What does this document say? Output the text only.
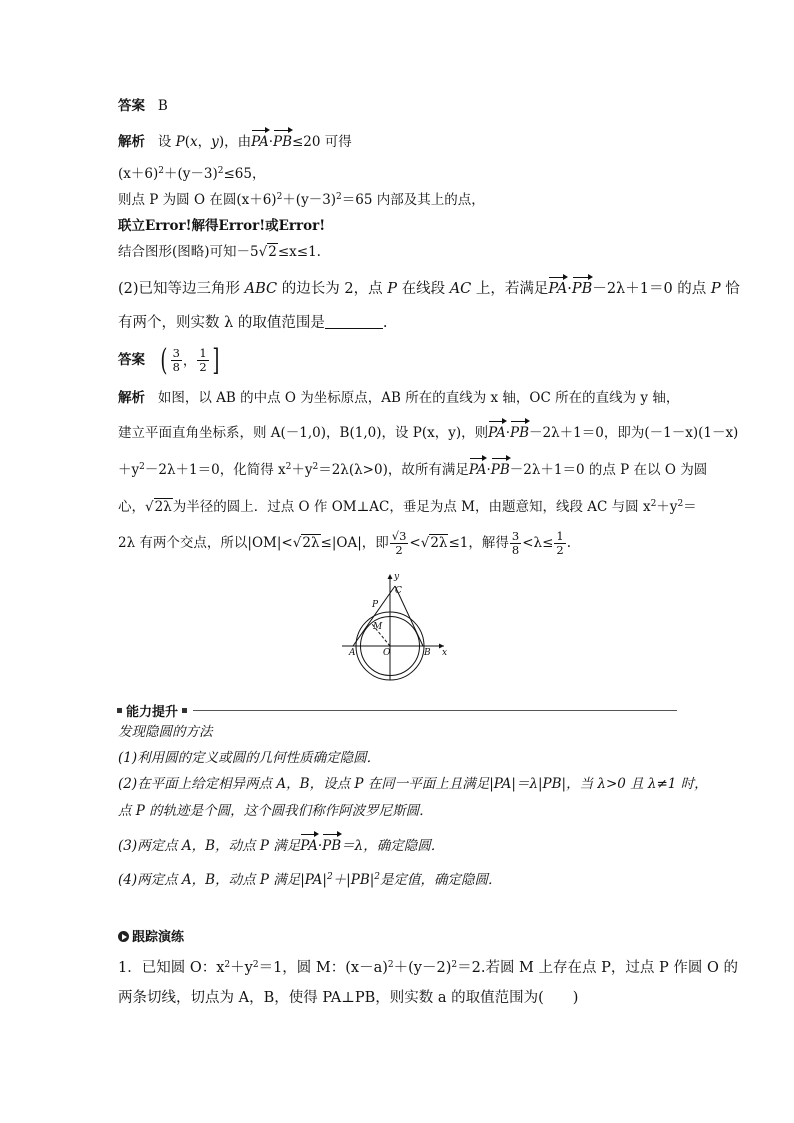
答案 B
解析 设 P(x，y)，由PA·PB≤20 可得
$(x+6)^2+(y-3)^2\le 65$，
则点 P 为圆 O 在圆$(x+6)^2+(y-3)^2=65$ 内部及其上的点，
联立Error!解得Error!或Error!
结合图形(图略)可知－5√2≤x≤1.
(2)已知等边三角形 ABC 的边长为 2，点 P 在线段 AC 上，若满足PA·PB－2λ＋1＝0 的点 P 恰
有两个，则实数 λ 的取值范围是	.
答案 ( $\frac{3}{8}$ ， $\frac{1}{2}$ ]
解析 如图，以 AB 的中点 O 为坐标原点，AB 所在的直线为 x 轴，OC 所在的直线为 y 轴，
建立平面直角坐标系，则 A(－1,0)，B(1,0)，设 P(x，y)，则PA·PB－2λ＋1＝0，即为(－1－x)(1－x)
$+y^2-2\lambda+1=0$，化简得 $x^2+y^2=2\lambda(\lambda>0)$，故所有满足PA·PB－2λ＋1＝0 的点 P 在以 O 为圆
心，√2λ为半径的圆上．过点 O 作 OM⊥AC，垂足为点 M，由题意知，线段 AC 与圆 $x^2+y^2=$
2λ 有两个交点，所以|OM|<√2λ≤|OA|，即 $\frac{√3}{2} <√2\lambda\le 1$，解得 $\frac{3}{8} <\lambda\le \frac{1}{2}$ .
y
C
P
M
A	O	B x
能力提升
发现隐圆的方法
(1)利用圆的定义或圆的几何性质确定隐圆．
(2)在平面上给定相异两点 A，B，设点 P 在同一平面上且满足|PA|＝λ|PB|，当 λ>0 且 λ≠1 时，
点 P 的轨迹是个圆，这个圆我们称作阿波罗尼斯圆．
(3)两定点 A，B，动点 P 满足PA·PB＝λ，确定隐圆．
(4)两定点 A，B，动点 P 满足$|PA|^2+|PB|^2$是定值，确定隐圆．
跟踪演练
1．已知圆 O：$x^2+y^2=1$，圆 M：$(x-a)^2+(y-2)^2=2$.若圆 M 上存在点 P，过点 P 作圆 O 的
两条切线，切点为 A，B，使得 PA⊥PB，则实数 a 的取值范围为(　　)
